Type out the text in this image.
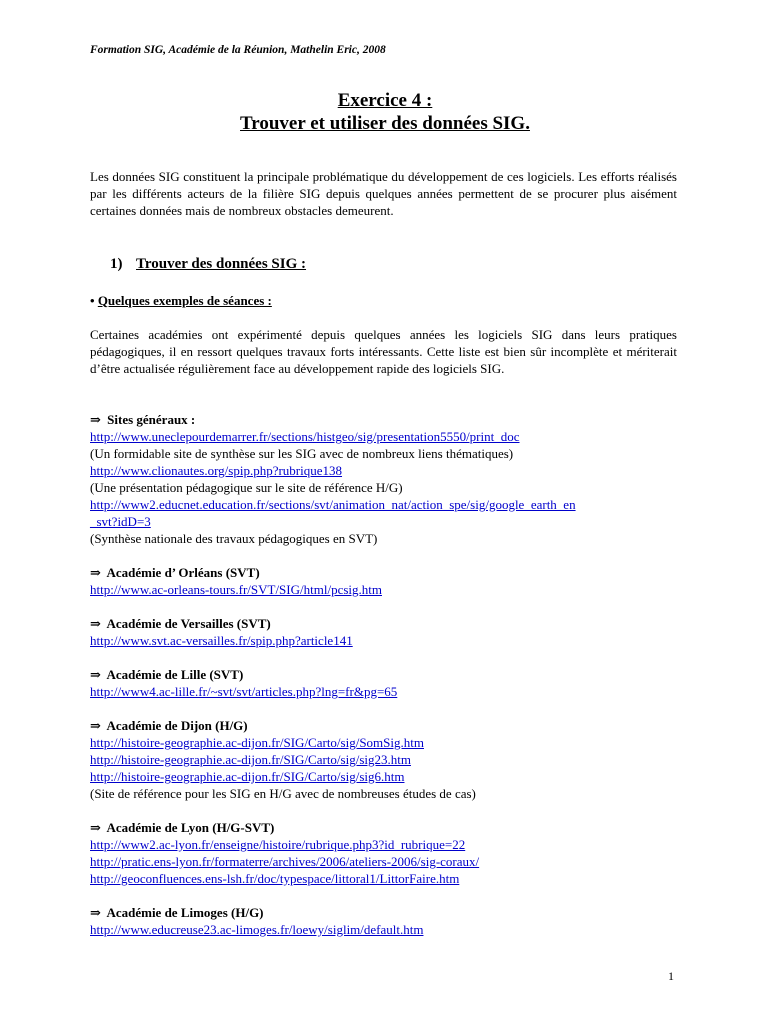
Formation SIG, Académie de la Réunion, Mathelin Eric, 2008
Exercice 4 :
Trouver et utiliser des données SIG.
Les données SIG constituent la principale problématique du développement de ces logiciels. Les efforts réalisés par les différents acteurs de la filière SIG depuis quelques années permettent de se procurer plus aisément certaines données mais de nombreux obstacles demeurent.
1) Trouver des données SIG :
• Quelques exemples de séances :
Certaines académies ont expérimenté depuis quelques années les logiciels SIG dans leurs pratiques pédagogiques, il en ressort quelques travaux forts intéressants. Cette liste est bien sûr incomplète et mériterait d’être actualisée régulièrement face au développement rapide des logiciels SIG.
⇒ Sites généraux :
http://www.uneclepourdemarrer.fr/sections/histgeo/sig/presentation5550/print_doc
(Un formidable site de synthèse sur les SIG avec de nombreux liens thématiques)
http://www.clionautes.org/spip.php?rubrique138
(Une présentation pédagogique sur le site de référence H/G)
http://www2.educnet.education.fr/sections/svt/animation_nat/action_spe/sig/google_earth_en
_svt?idD=3
(Synthèse nationale des travaux pédagogiques en SVT)
⇒ Académie d’ Orléans (SVT)
http://www.ac-orleans-tours.fr/SVT/SIG/html/pcsig.htm
⇒ Académie de Versailles (SVT)
http://www.svt.ac-versailles.fr/spip.php?article141
⇒ Académie de Lille (SVT)
http://www4.ac-lille.fr/~svt/svt/articles.php?lng=fr&pg=65
⇒ Académie de Dijon (H/G)
http://histoire-geographie.ac-dijon.fr/SIG/Carto/sig/SomSig.htm
http://histoire-geographie.ac-dijon.fr/SIG/Carto/sig/sig23.htm
http://histoire-geographie.ac-dijon.fr/SIG/Carto/sig/sig6.htm
(Site de référence pour les SIG en H/G avec de nombreuses études de cas)
⇒ Académie de Lyon (H/G-SVT)
http://www2.ac-lyon.fr/enseigne/histoire/rubrique.php3?id_rubrique=22
http://pratic.ens-lyon.fr/formaterre/archives/2006/ateliers-2006/sig-coraux/
http://geoconfluences.ens-lsh.fr/doc/typespace/littoral1/LittorFaire.htm
⇒ Académie de Limoges (H/G)
http://www.educreuse23.ac-limoges.fr/loewy/siglim/default.htm
1
